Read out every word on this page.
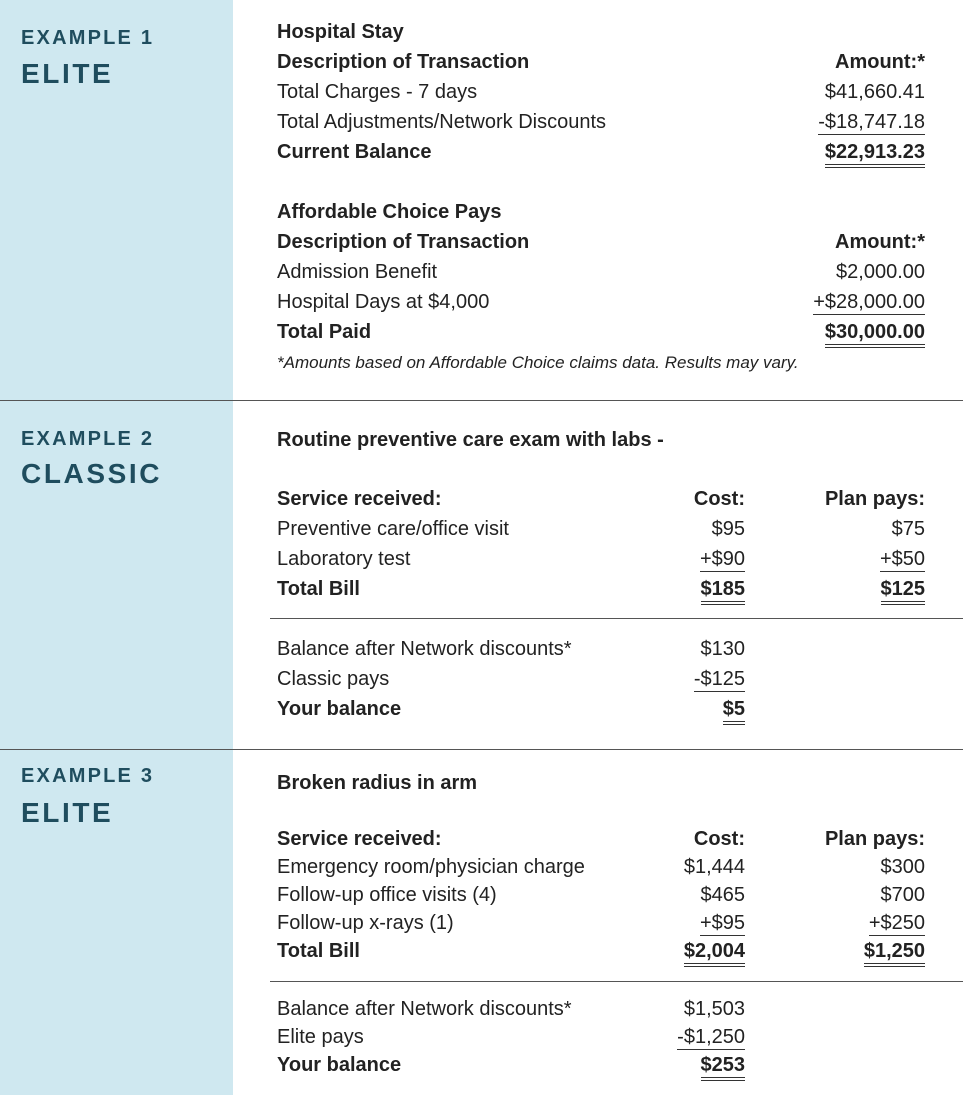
EXAMPLE 1
ELITE
Hospital Stay
Description of Transaction	Amount:*
Total Charges - 7 days	$41,660.41
Total Adjustments/Network Discounts	-$18,747.18
Current Balance	$22,913.23
Affordable Choice Pays
Description of Transaction	Amount:*
Admission Benefit	$2,000.00
Hospital Days at $4,000	+$28,000.00
Total Paid	$30,000.00
*Amounts based on Affordable Choice claims data. Results may vary.
EXAMPLE 2
CLASSIC
Routine preventive care exam with labs -
Service received:	Cost:	Plan pays:
Preventive care/office visit	$95	$75
Laboratory test	+$90	+$50
Total Bill	$185	$125
Balance after Network discounts*	$130
Classic pays	-$125
Your balance	$5
EXAMPLE 3
ELITE
Broken radius in arm
Service received:	Cost:	Plan pays:
Emergency room/physician charge	$1,444	$300
Follow-up office visits (4)	$465	$700
Follow-up x-rays (1)	+$95	+$250
Total Bill	$2,004	$1,250
Balance after Network discounts*	$1,503
Elite pays	-$1,250
Your balance	$253
